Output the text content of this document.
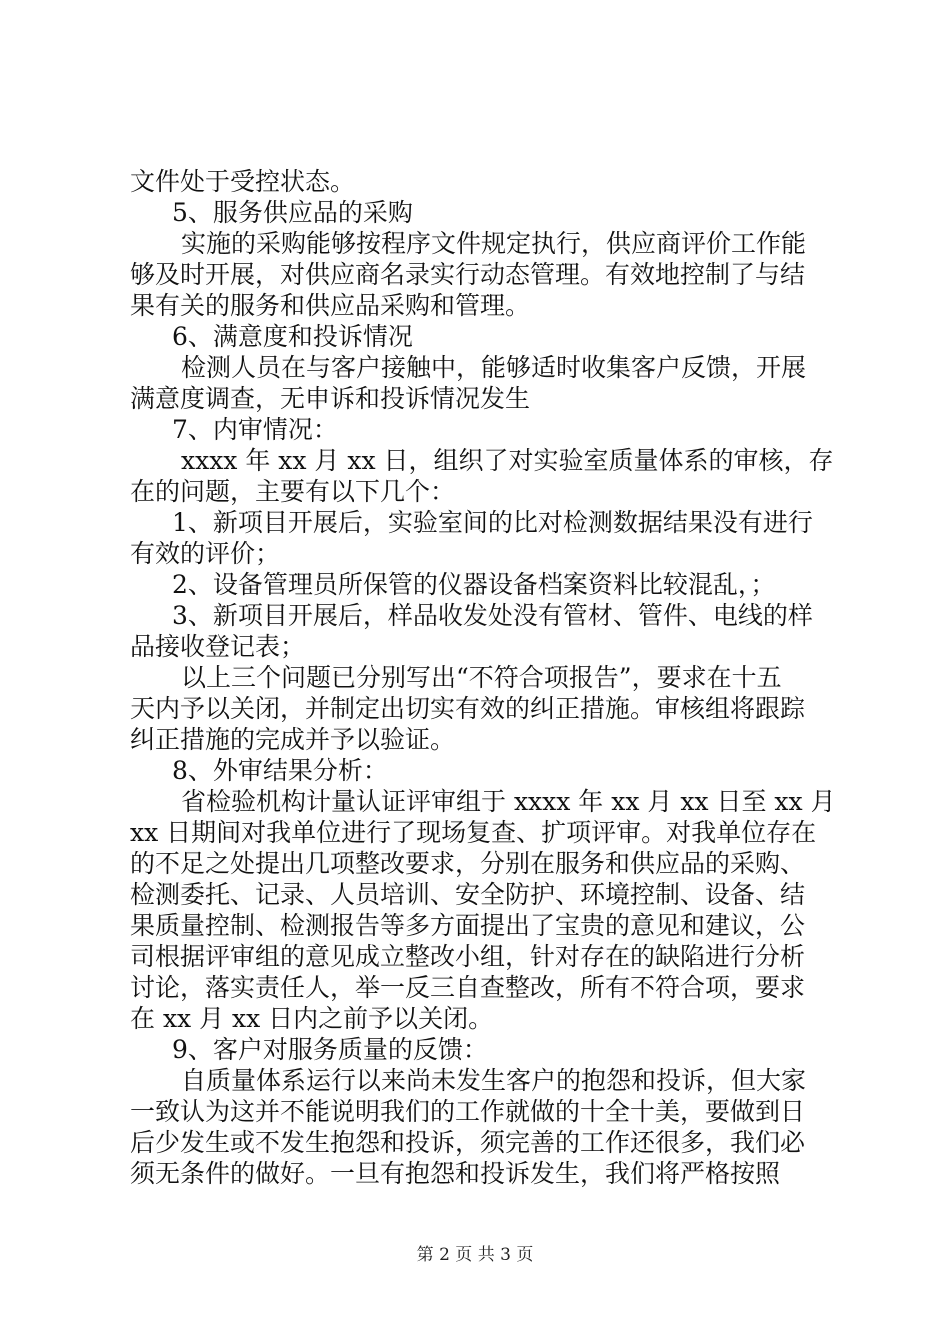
文件处于受控状态。
5、服务供应品的采购
实施的采购能够按程序文件规定执行，供应商评价工作能
够及时开展，对供应商名录实行动态管理。有效地控制了与结
果有关的服务和供应品采购和管理。
6、满意度和投诉情况
检测人员在与客户接触中，能够适时收集客户反馈，开展
满意度调查，无申诉和投诉情况发生
7、内审情况：
xxxx 年 xx 月 xx 日，组织了对实验室质量体系的审核，存
在的问题，主要有以下几个：
1、新项目开展后，实验室间的比对检测数据结果没有进行
有效的评价；
2、设备管理员所保管的仪器设备档案资料比较混乱，；
3、新项目开展后，样品收发处没有管材、管件、电线的样
品接收登记表；
以上三个问题已分别写出“不符合项报告”，要求在十五
天内予以关闭，并制定出切实有效的纠正措施。审核组将跟踪
纠正措施的完成并予以验证。
8、外审结果分析：
省检验机构计量认证评审组于 xxxx 年 xx 月 xx 日至 xx 月
xx 日期间对我单位进行了现场复查、扩项评审。对我单位存在
的不足之处提出几项整改要求，分别在服务和供应品的采购、
检测委托、记录、人员培训、安全防护、环境控制、设备、结
果质量控制、检测报告等多方面提出了宝贵的意见和建议，公
司根据评审组的意见成立整改小组，针对存在的缺陷进行分析
讨论，落实责任人，举一反三自查整改，所有不符合项，要求
在 xx 月 xx 日内之前予以关闭。
9、客户对服务质量的反馈：
自质量体系运行以来尚未发生客户的抱怨和投诉，但大家
一致认为这并不能说明我们的工作就做的十全十美，要做到日
后少发生或不发生抱怨和投诉，须完善的工作还很多，我们必
须无条件的做好。一旦有抱怨和投诉发生，我们将严格按照
第 2 页 共 3 页
